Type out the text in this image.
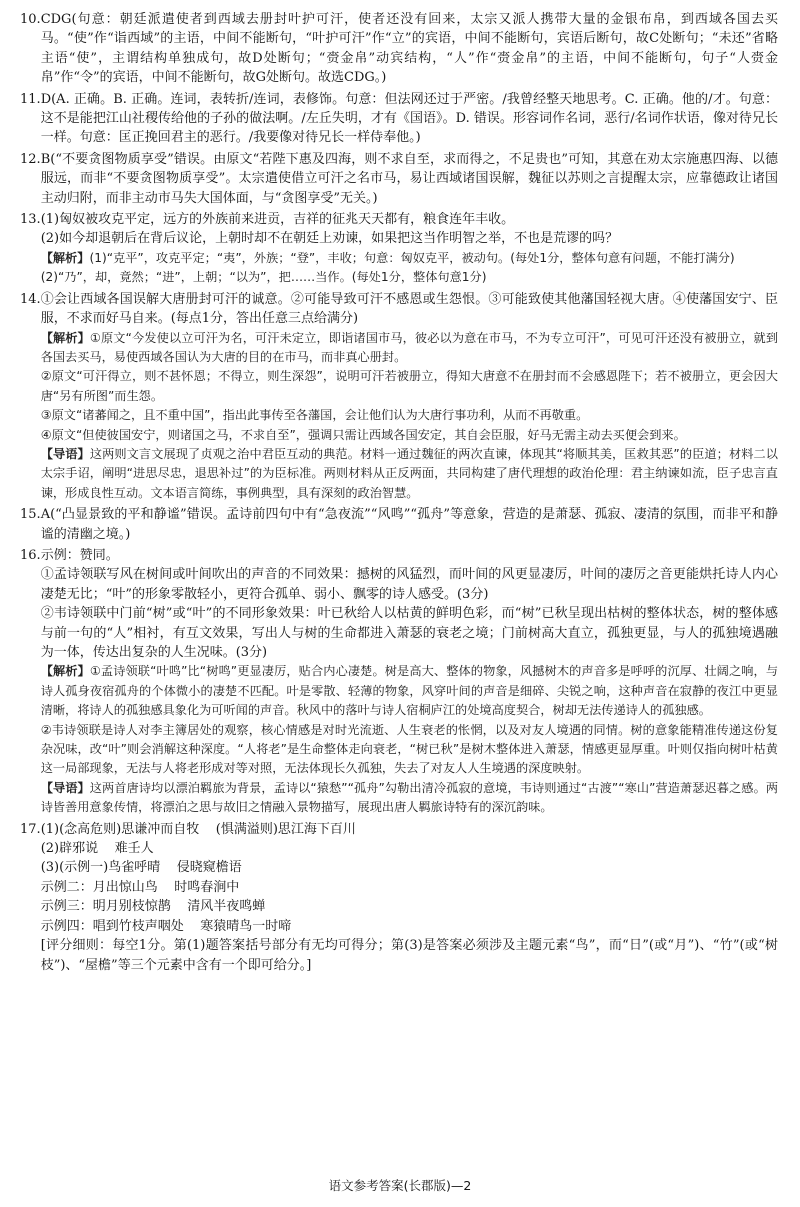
10. CDG(句意：朝廷派遣使者到西域去册封叶护可汗，使者还没有回来，太宗又派人携带大量的金银布帛，到西域各国去买马。“使”作“诣西域”的主语，中间不能断句，“叶护可汗”作“立”的宾语，中间不能断句，宾语后断句，故C处断句；“未还”省略主语“使”，主谓结构单独成句，故D处断句；“赍金帛”动宾结构，“人”作“赍金帛”的主语，中间不能断句，句子“人赍金帛”作“令”的宾语，中间不能断句，故G处断句。故选CDG。)

11. D(A. 正确。B. 正确。连词，表转折/连词，表修饰。句意：但法网还过于严密。/我曾经整天地思考。C. 正确。他的/才。句意：这不是能把江山社稷传给他的子孙的做法啊。/左丘失明，才有《国语》。D. 错误。形容词作名词，恶行/名词作状语，像对待兄长一样。句意：匡正挽回君主的恶行。/我要像对待兄长一样侍奉他。)

12. B(“不要贪图物质享受”错误。由原文“若陛下惠及四海，则不求自至，求而得之，不足贵也”可知，其意在劝太宗施惠四海、以德服远，而非“不要贪图物质享受”。太宗遣使借立可汗之名市马，易让西域诸国误解，魏征以苏则之言提醒太宗，应靠德政让诸国主动归附，而非主动市马失大国体面，与“贪图享受”无关。)

13. (1)匈奴被攻克平定，远方的外族前来进贡，吉祥的征兆天天都有，粮食连年丰收。

(2)如今却退朝后在背后议论，上朝时却不在朝廷上劝谏，如果把这当作明智之举，不也是荒谬的吗？

【解析】(1)“克平”，攻克平定；“夷”，外族；“登”，丰收；句意：匈奴克平，被动句。(每处1分，整体句意有问题，不能打满分)

(2)“乃”，却，竟然；“进”，上朝；“以为”，把……当作。(每处1分，整体句意1分)

14. ①会让西域各国误解大唐册封可汗的诚意。②可能导致可汗不感恩或生怨恨。③可能致使其他藩国轻视大唐。④使藩国安宁、臣服，不求而好马自来。(每点1分，答出任意三点给满分)

【解析】①原文“今发使以立可汗为名，可汗未定立，即诣诸国市马，彼必以为意在市马，不为专立可汗”，可见可汗还没有被册立，就到各国去买马，易使西域各国认为大唐的目的在市马，而非真心册封。

②原文“可汗得立，则不甚怀恩；不得立，则生深怨”，说明可汗若被册立，得知大唐意不在册封而不会感恩陛下；若不被册立，更会因大唐“另有所图”而生怨。

③原文“诸蕃闻之，且不重中国”，指出此事传至各藩国，会让他们认为大唐行事功利，从而不再敬重。

④原文“但使彼国安宁，则诸国之马，不求自至”，强调只需让西域各国安定，其自会臣服，好马无需主动去买便会到来。

【导语】这两则文言文展现了贞观之治中君臣互动的典范。材料一通过魏征的两次直谏，体现其“将顺其美，匡救其恶”的臣道；材料二以太宗手诏，阐明“进思尽忠，退思补过”的为臣标准。两则材料从正反两面，共同构建了唐代理想的政治伦理：君主纳谏如流，臣子忠言直谏，形成良性互动。文本语言简练，事例典型，具有深刻的政治智慧。

15. A(“凸显景致的平和静谧”错误。孟诗前四句中有“急夜流”“风鸣”“孤舟”等意象，营造的是萧瑟、孤寂、凄清的氛围，而非平和静谧的清幽之境。)

16. 示例：赞同。

①孟诗领联写风在树间或叶间吹出的声音的不同效果：撼树的风猛烈，而叶间的风更显凄厉，叶间的凄厉之音更能烘托诗人内心凄楚无比；“叶”的形象零散轻小，更符合孤单、弱小、飘零的诗人感受。(3分)

②韦诗领联中门前“树”或“叶”的不同形象效果：叶已秋给人以枯黄的鲜明色彩，而“树”已秋呈现出枯树的整体状态，树的整体感与前一句的“人”相衬，有互文效果，写出人与树的生命都进入萧瑟的衰老之境；门前树高大直立，孤独更显，与人的孤独境遇融为一体，传达出复杂的人生况味。(3分)

【解析】①孟诗领联“叶鸣”比“树鸣”更显凄厉，贴合内心凄楚。树是高大、整体的物象，风撼树木的声音多是呼呼的沉厚、壮阔之响，与诗人孤身夜宿孤舟的个体微小的凄楚不匹配。叶是零散、轻薄的物象，风穿叶间的声音是细碎、尖锐之响，这种声音在寂静的夜江中更显清晰，将诗人的孤独感具象化为可听闻的声音。秋风中的落叶与诗人宿桐庐江的处境高度契合，树却无法传递诗人的孤独感。

②韦诗领联是诗人对李主簿居处的观察，核心情感是对时光流逝、人生衰老的怅惘，以及对友人境遇的同情。树的意象能精准传递这份复杂况味，改“叶”则会消解这种深度。“人将老”是生命整体走向衰老，“树已秋”是树木整体进入萧瑟，情感更显厚重。叶则仅指向树叶枯黄这一局部现象，无法与人将老形成对等对照，无法体现长久孤独，失去了对友人人生境遇的深度映射。

【导语】这两首唐诗均以漂泊羁旅为背景，孟诗以“猿愁”“孤舟”勾勒出清冷孤寂的意境，韦诗则通过“古渡”“寒山”营造萧瑟迟暮之感。两诗皆善用意象传情，将漂泊之思与故旧之情融入景物描写，展现出唐人羁旅诗特有的深沉韵味。

17. (1)(念高危则)思谦冲而自牧 (惧满溢则)思江海下百川

(2)辟邪说 难壬人

(3)(示例一)鸟雀呼晴 侵晓窥檐语

示例二：月出惊山鸟 时鸣春涧中

示例三：明月别枝惊鹊 清风半夜鸣蝉

示例四：唱到竹枝声咽处 寒猿晴鸟一时啼

[评分细则：每空1分。第(1)题答案括号部分有无均可得分；第(3)是答案必须涉及主题元素“鸟”，而“日”(或“月”)、“竹”(或“树枝”)、“屋檐”等三个元素中含有一个即可给分。]

语文参考答案(长郡版)—2
